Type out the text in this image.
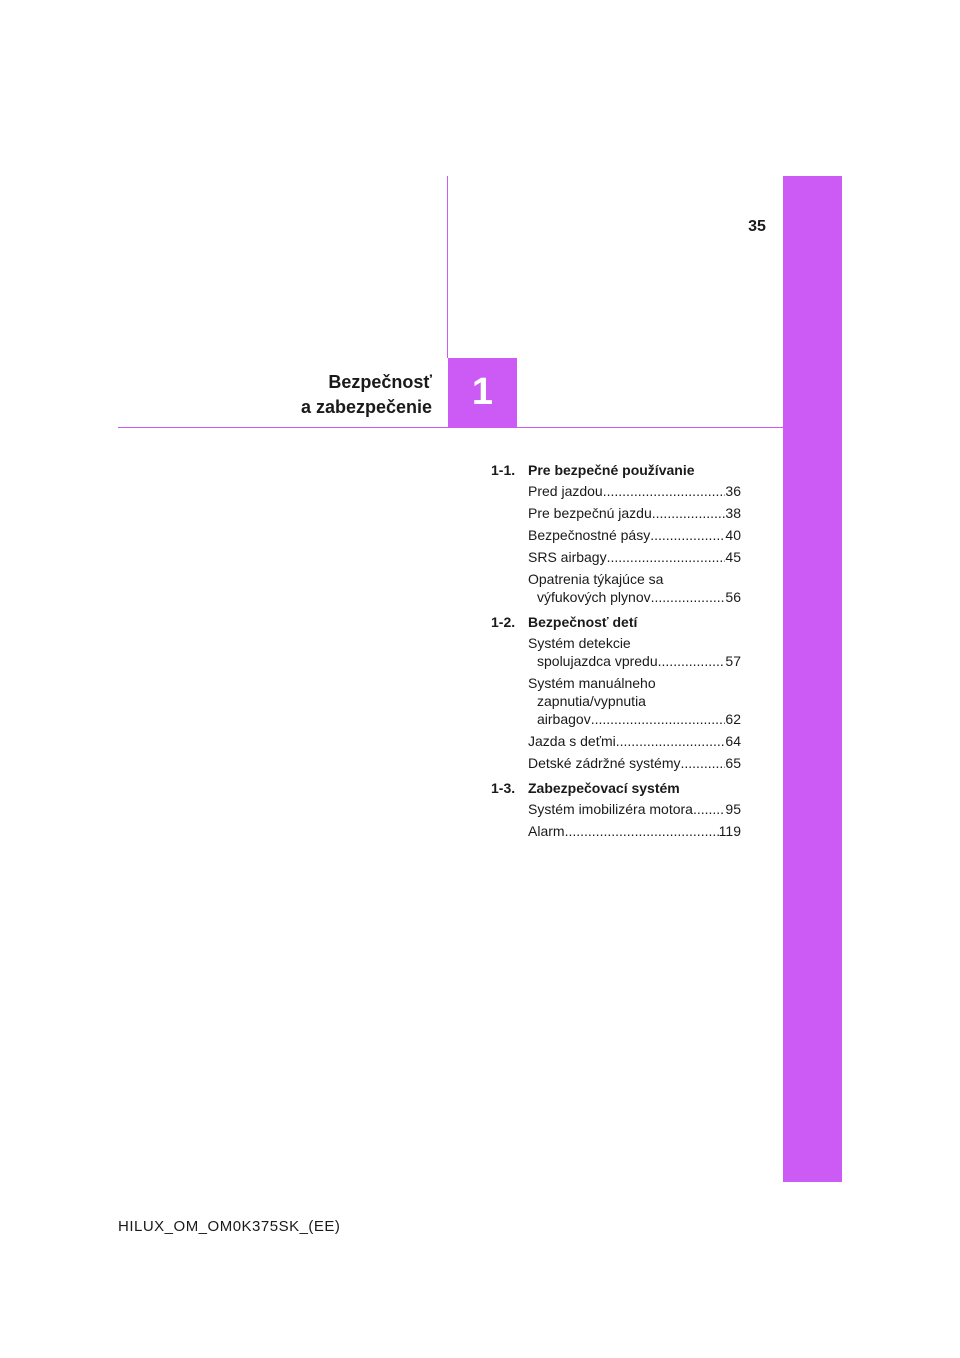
35
Bezpečnosť
a zabezpečenie 1
1-1. Pre bezpečné používanie
Pred jazdou .....	36
Pre bezpečnú jazdu .....	38
Bezpečnostné pásy .....	40
SRS airbagy .....	45
Opatrenia týkajúce sa
výfukových plynov .....	56
1-2. Bezpečnosť detí
Systém detekcie
spolujazdca vpredu .....	57
Systém manuálneho
zapnutia/vypnutia
airbagov .....	62
Jazda s deťmi .....	64
Detské zádržné systémy .....	65
1-3. Zabezpečovací systém
Systém imobilizéra motora ..... 95
Alarm .....	119
HILUX_OM_OM0K375SK_(EE)
